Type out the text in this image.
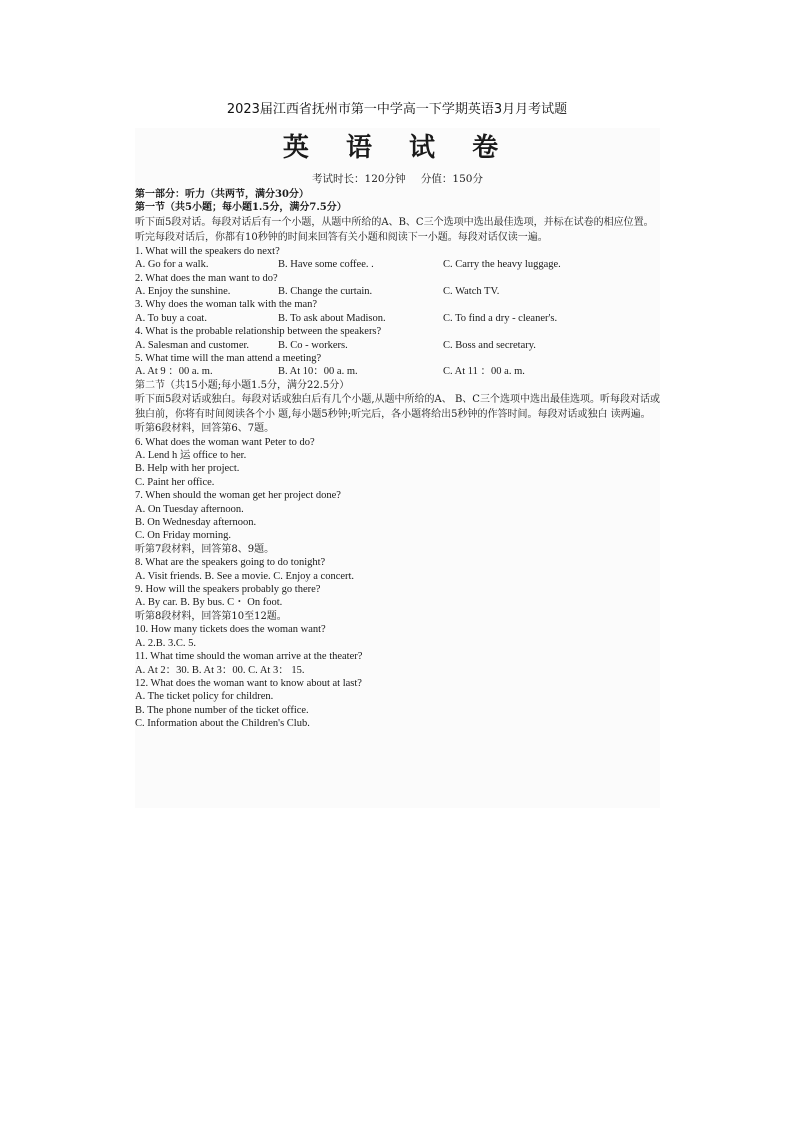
2023届江西省抚州市第一中学高一下学期英语3月月考试题
英 语 试 卷
考试时长：120分钟 分值：150分
第一部分：听力（共两节，满分30分）
第一节（共5小题；每小题1.5分，满分7.5分）
听下面5段对话。每段对话后有一个小题，从题中所给的A、B、C三个选项中选出最佳选项，并标在试卷的相应位置。听完每段对话后，你都有10秒钟的时间来回答有关小题和阅读下一小题。每段对话仅读一遍。
1. What will the speakers do next?
A. Go for a walk.	B. Have some coffee. .	C. Carry the heavy luggage.
2. What does the man want to do?
A. Enjoy the sunshine.	B. Change the curtain.	C. Watch TV.
3. Why does the woman talk with the man?
A. To buy a coat.	B. To ask about Madison.	C. To find a dry - cleaner's.
4. What is the probable relationship between the speakers?
A. Salesman and customer.	B. Co - workers.	C. Boss and secretary.
5. What time will the man attend a meeting?
A. At 9 ：00 a. m.	B. At 10：00 a. m.	C. At 11 ：00 a. m.
第二节（共15小题;每小题1.5分，满分22.5分）
听下面5段对话或独白。每段对话或独白后有几个小题,从题中所给的A、 B、C三个选项中选出最佳选项。听每段对话或独白前，你将有时间阅读各个小 题,每小题5秒钟;听完后，各小题将给出5秒钟的作答时间。每段对话或独白 读两遍。
听第6段材料，回答第6、7题。
6. What does the woman want Peter to do?
A. Lend h 运 office to her.
B. Help with her project.
C. Paint her office.
7. When should the woman get her project done?
A. On Tuesday afternoon.
B. On Wednesday afternoon.
C. On Friday morning.
听第7段材料，回答第8、9题。
8. What are the speakers going to do tonight?
A. Visit friends. B. See a movie. C. Enjoy a concert.
9. How will the speakers probably go there?
A. By car. B. By bus. C・ On foot.
听第8段材料，回答第10至12题。
10. How many tickets does the woman want?
A. 2.B. 3.C. 5.
11. What time should the woman arrive at the theater?
A. At 2：30. B. At 3：00. C. At 3： 15.
12. What does the woman want to know about at last?
A. The ticket policy for children.
B. The phone number of the ticket office.
C. Information about the Children's Club.
